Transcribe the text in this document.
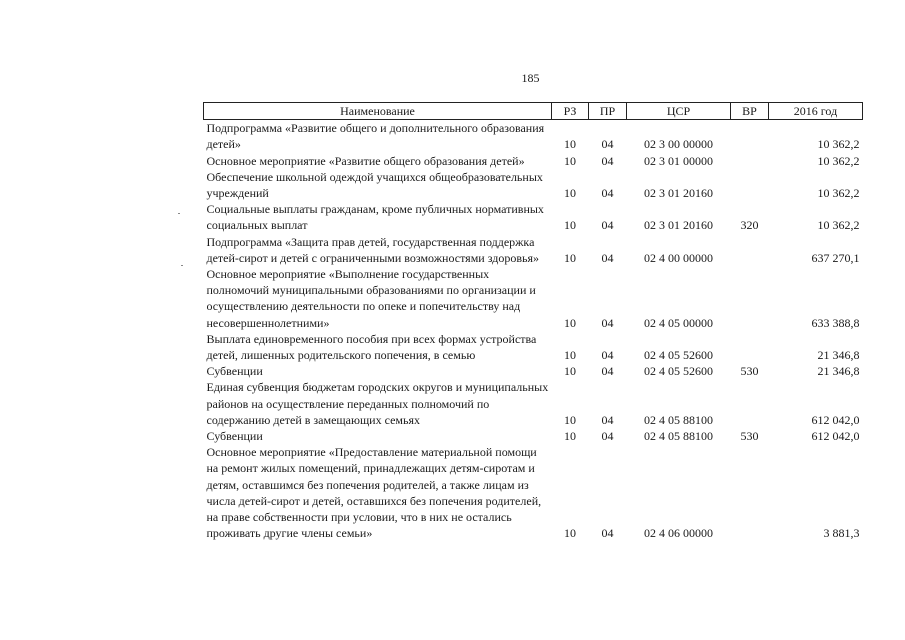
185
Наименование	РЗ	ПР	ЦСР	ВР	2016 год
Подпрограмма «Развитие общего и дополнительного образования детей»	10	04	02 3 00 00000		10 362,2
Основное мероприятие «Развитие общего образования детей»	10	04	02 3 01 00000		10 362,2
Обеспечение школьной одеждой учащихся общеобразовательных учреждений	10	04	02 3 01 20160		10 362,2
Социальные выплаты гражданам, кроме публичных нормативных социальных выплат	10	04	02 3 01 20160	320	10 362,2
Подпрограмма «Защита прав детей, государственная поддержка детей-сирот и детей с ограниченными возможностями здоровья»	10	04	02 4 00 00000		637 270,1
Основное мероприятие «Выполнение государственных полномочий муниципальными образованиями по организации и осуществлению деятельности по опеке и попечительству над несовершеннолетними»	10	04	02 4 05 00000		633 388,8
Выплата единовременного пособия при всех формах устройства детей, лишенных родительского попечения, в семью	10	04	02 4 05 52600		21 346,8
Субвенции	10	04	02 4 05 52600	530	21 346,8
Единая субвенция бюджетам городских округов и муниципальных районов на осуществление переданных полномочий по содержанию детей в замещающих семьях	10	04	02 4 05 88100		612 042,0
Субвенции	10	04	02 4 05 88100	530	612 042,0
Основное мероприятие «Предоставление материальной помощи на ремонт жилых помещений, принадлежащих детям-сиротам и детям, оставшимся без попечения родителей, а также лицам из числа детей-сирот и детей, оставшихся без попечения родителей, на праве собственности при условии, что в них не остались проживать другие члены семьи»	10	04	02 4 06 00000		3 881,3
